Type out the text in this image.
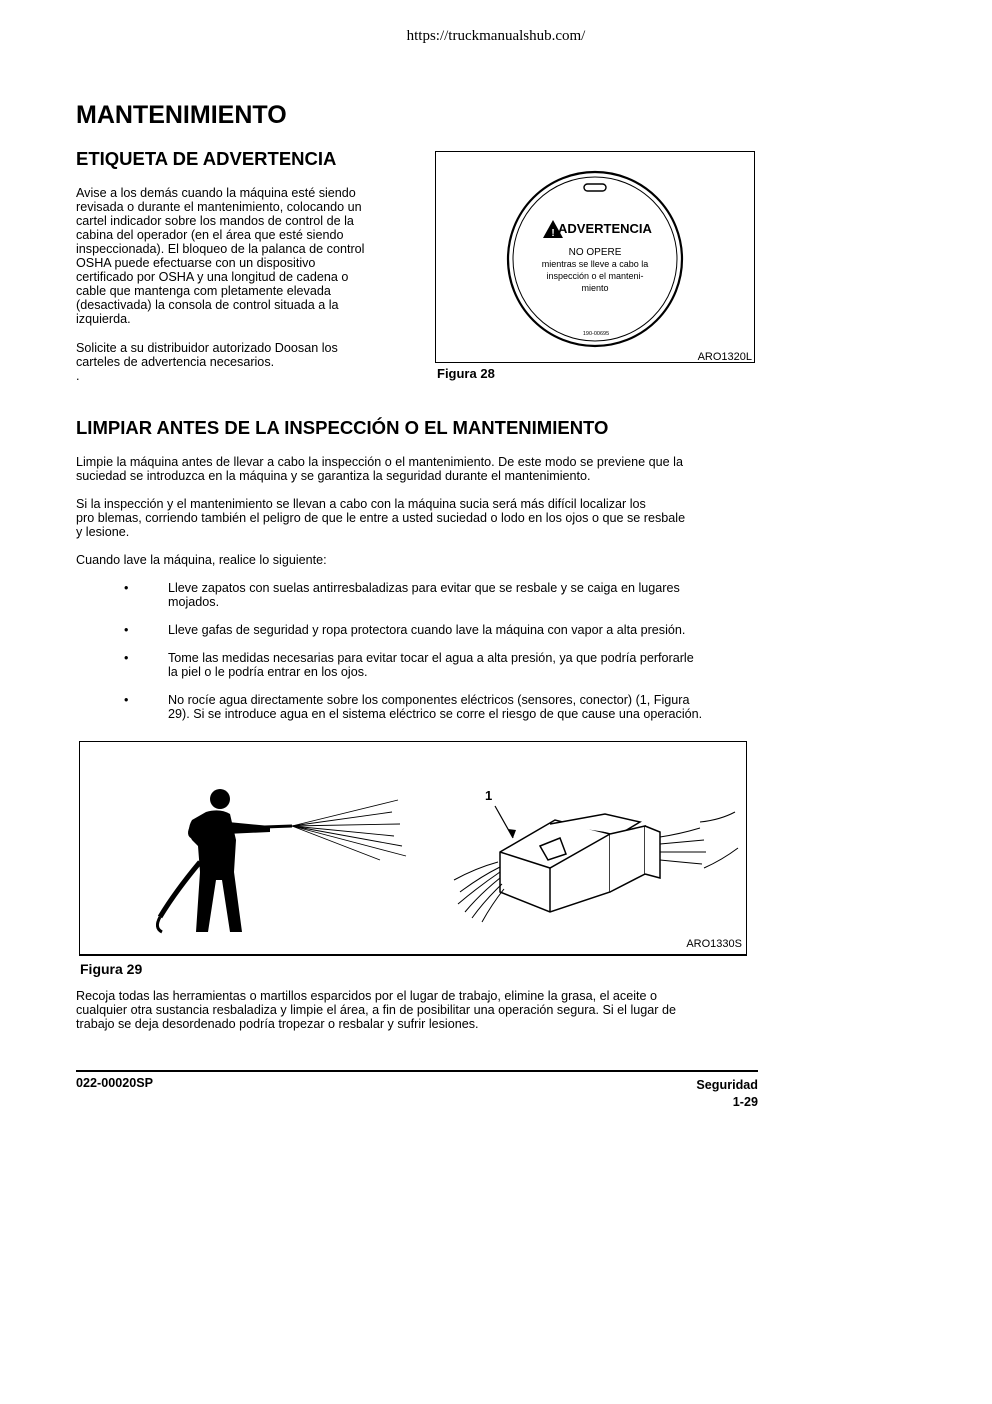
https://truckmanualshub.com/
MANTENIMIENTO
ETIQUETA DE ADVERTENCIA
Avise a los demás cuando la máquina esté siendo
revisada o durante el mantenimiento, colocando un
cartel indicador sobre los mandos de control de la
cabina del operador (en el área que esté siendo
inspeccionada). El bloqueo de la palanca de control
OSHA puede efectuarse con un dispositivo
certificado por OSHA y una longitud de cadena o
cable que mantenga com pletamente elevada
(desactivada) la consola de control situada a la
izquierda.
Solicite a su distribuidor autorizado Doosan los
carteles de advertencia necesarios.
.
! ADVERTENCIA
NO OPERE
mientras se lleve a cabo la
inspección o el manteni-
miento
190-00695
ARO1320L
Figura 28
LIMPIAR ANTES DE LA INSPECCIÓN O EL MANTENIMIENTO
Limpie la máquina antes de llevar a cabo la inspección o el mantenimiento. De este modo se previene que la
suciedad se introduzca en la máquina y se garantiza la seguridad durante el mantenimiento.
Si la inspección y el mantenimiento se llevan a cabo con la máquina sucia será más difícil localizar los
pro blemas, corriendo también el peligro de que le entre a usted suciedad o lodo en los ojos o que se resbale
y lesione.
Cuando lave la máquina, realice lo siguiente:
•	Lleve zapatos con suelas antirresbaladizas para evitar que se resbale y se caiga en lugares
mojados.
•	Lleve gafas de seguridad y ropa protectora cuando lave la máquina con vapor a alta presión.
•	Tome las medidas necesarias para evitar tocar el agua a alta presión, ya que podría perforarle
la piel o le podría entrar en los ojos.
•	No rocíe agua directamente sobre los componentes eléctricos (sensores, conector) (1, Figura
29). Si se introduce agua en el sistema eléctrico se corre el riesgo de que cause una operación.
1
ARO1330S
Figura 29
Recoja todas las herramientas o martillos esparcidos por el lugar de trabajo, elimine la grasa, el aceite o
cualquier otra sustancia resbaladiza y limpie el área, a fin de posibilitar una operación segura. Si el lugar de
trabajo se deja desordenado podría tropezar o resbalar y sufrir lesiones.
022-00020SP	Seguridad
1-29
